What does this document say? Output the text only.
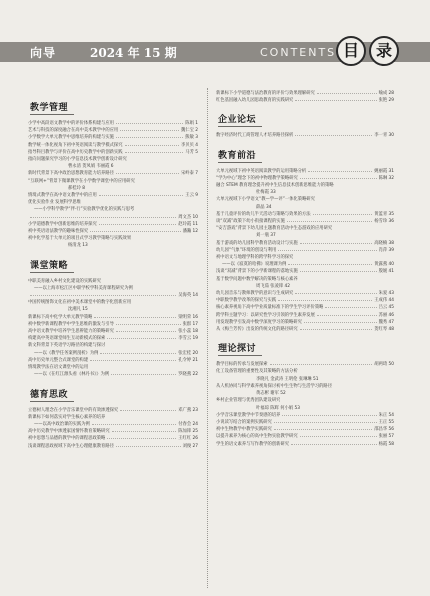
向导	2024 年 15 期	CONTENTS 目	录
教学管理
小学中高段语文教学中的评价体系构建与应用	陈娟 1
艺术与科技的深度融合在高中美术教学中的应用	魏仁宝 2
小学数学大单元教学中思维培养的构建与实施	熊敏 3
数学统一体化视角下初中英语阅读与教学模式探究	李贝贝 4
指导科目教学与评价在高中历史教学中的创新实践	马芳 5
指向问题探究学习的小学信息技术教学创新设计研究
曹永清 贺凤娟 韦丽霞 6
新时代背景下高中政治思想教育能力培养路径	宋岭泰 7
“互联网+”背景下微课教学在小学数学课堂中的应用研究
郝桂玲 8
情境式教学在高中语文教学中的应用	王云 9
优化实验作业 发展科学思维
——小学科学教学“伴·行”实验教学优化的实践与思考
周文杰 10
小学道德教学中创新思维的培养探究	赵玲霞 11
初中英语语法教学的趣味性探究	潘瀚 12
初中化学基于大单元的项目式学习教学策略与实践效果
杨清龙 13
课堂策略
中职美育融入乡村文化建设的实践研究
——以上海市松江区中职学校学科美育课程研究为例
吴海英 14
中国传统图饰文化在初中美术课堂中的数字化创新应用
沈湘凡 15
新课标下高中化学大单元教学策略	梁明荣 16
初中数学新课程教学中学生思维的激发与引导	张群 17
高中语文教学中培养学生思辨能力的策略研究	张小蕊 18
构建高中英语课堂师生互动新模式的探索	李雪云 19
新文科背景下英语学习路径的构建与探讨
——以《教学任务案例剖析》为例	张宏桂 20
高中历史单元整合式课堂的构建	孔令婷 21
情境教学法在语文课堂中的运用
——以《在红江源头看《林丹书》》为例	罗晓燕 22
德育思政
立德树人理念在小学音乐课堂中的有效渗透探究	邓广燕 23
新课标下如何落实对学生核心素养的培养
——以高中政治课的实践为例	付春会 24
高中历史教学中渗透家国情怀教育策略研究	陈加锋 25
初中思想与品德的教学中的课程思政策略	王红红 26
浅谈课程思政视域下高中生心理健康教育路径	刘俊 27
新课标下小学道德与法治教育的评价与效果理解研究	喻成 28
红色基因融入幼儿园思政教育的实践研究	张艳 29
企业论坛
数字经济时代工商管理人才培养路径探析	李一青 30
教育前沿
大单元视域下初中英语阅读教学的运用策略分析	姚丽霞 31
“学为中心”理念下的初中物理教学策略研究	陈琳 32
融合 STEM 教育理念提升初中生信息技术创新思维能力的策略
杜梅霞 33
大单元视域下小学语文“教—学—评”一体化策略研究
薛晶 34
基于儿童评价的幼儿半天活动与策略与效果的方法	黄蓝青 35
谈“双减”政策下幼小衔接课程的实施	杨雪珍 36
“安吉游戏”背景下幼儿园主题教育活动中生态游戏的应用研究
刘一瓶 37
基于游戏的幼儿园科学教育活动设计与实施	高晓楠 38
幼儿园“气象”环境的创设与利用	肖萍 39
初中语文与地理学科的跨学科学习的探究
——以《寂寞的哈佛》说理课为例	黄露燕 40
浅谈“双减”背景下的小学新课程的落地实施	殷媛 41
基于数学问题中数学解决的策略与核心素养
周飞茹 张凌锋 42
幼儿园音乐与教师教学的意识与生成研究	朱爱 43
中职数学教学改革的探究与实践	王成伟 44
核心素养视角下高中学业质量标准下的学生学习评价策略	吕云 45
跨学科主题学习：以研究性学习引领的学生素养发展	苏丽 46
用发现教学引发高中数学深度学习的策略研究	魏秀 47
从《梅兰芳传》出发的传统文化的路径研究	贺红琴 48
理论探讨
教学目标的传承与发展探索	胡两琦 50
化工设备管理的重要性及其策略的方法分析
李晓凡 金武涛 王明伦 张琳琳 51
从人机协同与科学素养视角探讨初中生生物与生活学习的路径
黄志彬 谢军 52
乡村企业管理与优秀团队建设研究
叶福琼 陈辉 何小娟 53
小学音乐课堂教学中节奏感的培养	朱正 54
小说读写结合的案例实践研究	王正 55
初中生物教学中教学实践研究	邵昌华 56
以提升素养为核心的高中生物实验教学研究	张丽 57
学生的语文素养与写作教学的创新研究	杨霞 58
